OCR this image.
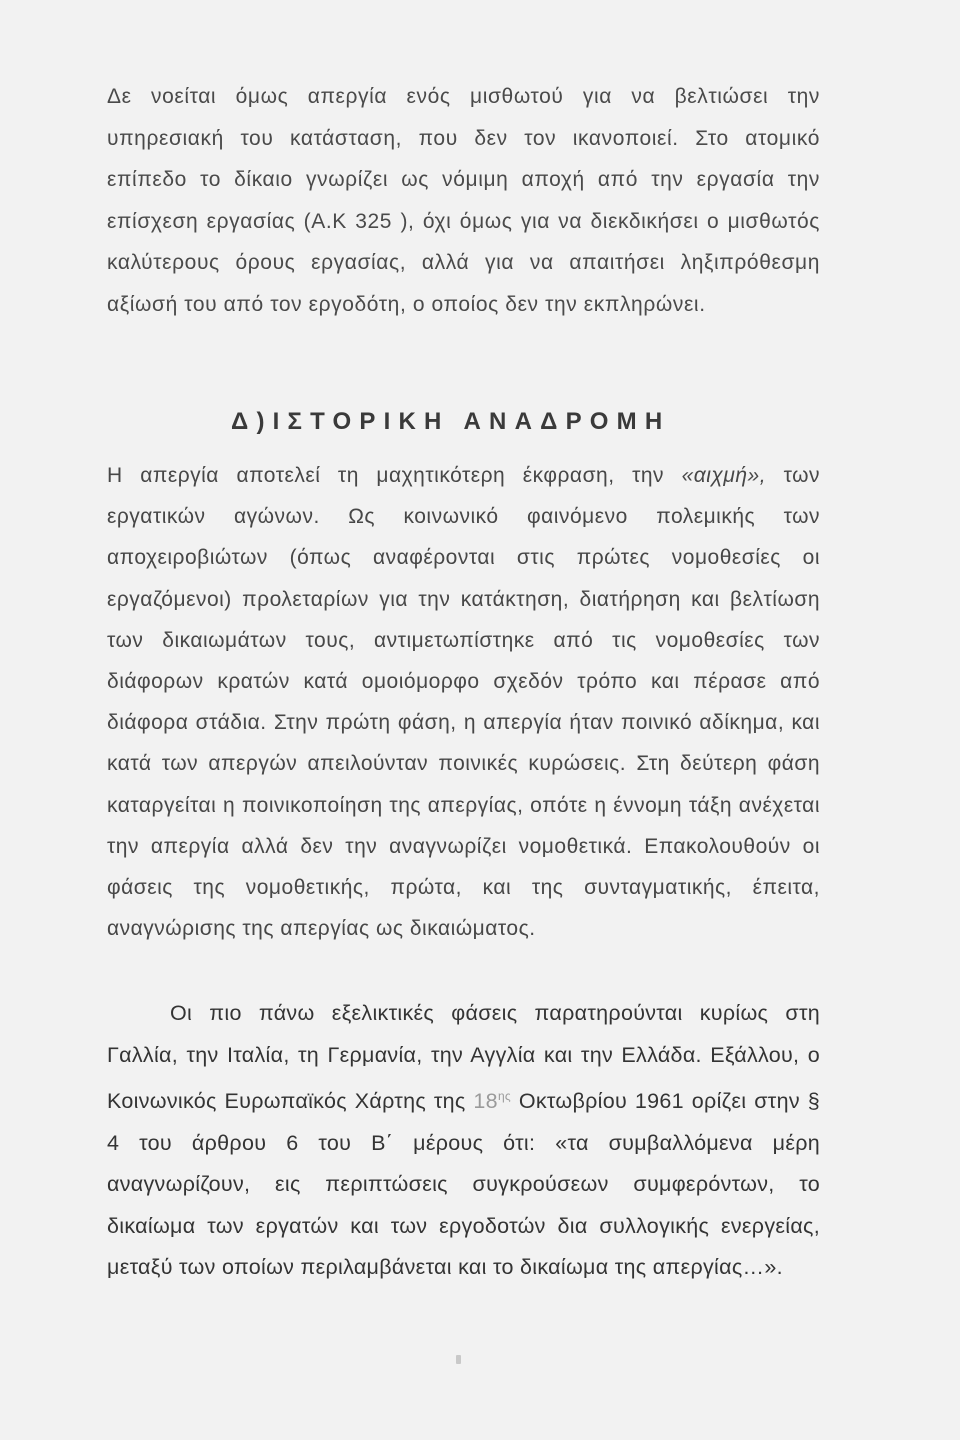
Δε νοείται όμως απεργία ενός μισθωτού για να βελτιώσει την υπηρεσιακή του κατάσταση, που δεν τον ικανοποιεί. Στο ατομικό επίπεδο το δίκαιο γνωρίζει ως νόμιμη αποχή από την εργασία την επίσχεση εργασίας (Α.Κ 325 ), όχι όμως για να διεκδικήσει ο μισθωτός καλύτερους όρους εργασίας, αλλά για να απαιτήσει ληξιπρόθεσμη αξίωσή του από τον εργοδότη, ο οποίος δεν την εκπληρώνει.

Δ)ΙΣΤΟΡΙΚΗ ΑΝΑΔΡΟΜΗ

Η απεργία αποτελεί τη μαχητικότερη έκφραση, την «αιχμή», των εργατικών αγώνων. Ως κοινωνικό φαινόμενο πολεμικής των αποχειροβιώτων (όπως αναφέρονται στις πρώτες νομοθεσίες οι εργαζόμενοι) προλεταρίων για την κατάκτηση, διατήρηση και βελτίωση των δικαιωμάτων τους, αντιμετωπίστηκε από τις νομοθεσίες των διάφορων κρατών κατά ομοιόμορφο σχεδόν τρόπο και πέρασε από διάφορα στάδια. Στην πρώτη φάση, η απεργία ήταν ποινικό αδίκημα, και κατά των απεργών απειλούνταν ποινικές κυρώσεις. Στη δεύτερη φάση καταργείται η ποινικοποίηση της απεργίας, οπότε η έννομη τάξη ανέχεται την απεργία αλλά δεν την αναγνωρίζει νομοθετικά. Επακολουθούν οι φάσεις της νομοθετικής, πρώτα, και της συνταγματικής, έπειτα, αναγνώρισης της απεργίας ως δικαιώματος.

Οι πιο πάνω εξελικτικές φάσεις παρατηρούνται κυρίως στη Γαλλία, την Ιταλία, τη Γερμανία, την Αγγλία και την Ελλάδα. Εξάλλου, ο Κοινωνικός Ευρωπαϊκός Χάρτης της $18^{\eta\varsigma}$ Οκτωβρίου 1961 ορίζει στην § 4 του άρθρου 6 του Β΄ μέρους ότι: «τα συμβαλλόμενα μέρη αναγνωρίζουν, εις περιπτώσεις συγκρούσεων συμφερόντων, το δικαίωμα των εργατών και των εργοδοτών δια συλλογικής ενεργείας, μεταξύ των οποίων περιλαμβάνεται και το δικαίωμα της απεργίας…».
